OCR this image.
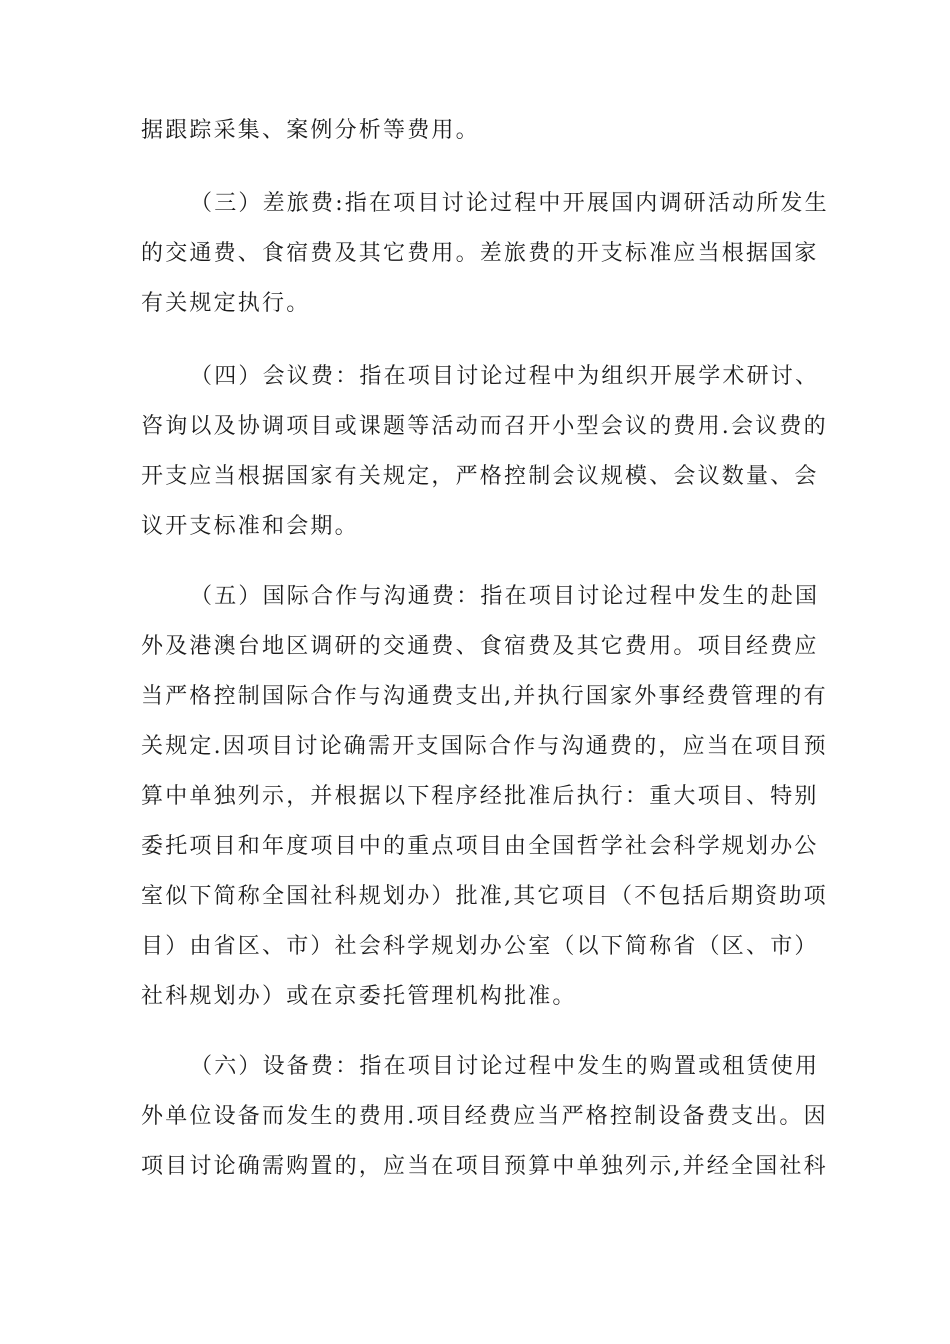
据跟踪采集、案例分析等费用。
（三）差旅费:指在项目讨论过程中开展国内调研活动所发生
的交通费、食宿费及其它费用。差旅费的开支标准应当根据国家
有关规定执行。
（四）会议费：指在项目讨论过程中为组织开展学术研讨、
咨询以及协调项目或课题等活动而召开小型会议的费用.会议费的
开支应当根据国家有关规定，严格控制会议规模、会议数量、会
议开支标准和会期。
（五）国际合作与沟通费：指在项目讨论过程中发生的赴国
外及港澳台地区调研的交通费、食宿费及其它费用。项目经费应
当严格控制国际合作与沟通费支出,并执行国家外事经费管理的有
关规定.因项目讨论确需开支国际合作与沟通费的，应当在项目预
算中单独列示，并根据以下程序经批准后执行：重大项目、特别
委托项目和年度项目中的重点项目由全国哲学社会科学规划办公
室似下简称全国社科规划办）批准,其它项目（不包括后期资助项
目）由省区、市）社会科学规划办公室（以下简称省（区、市）
社科规划办）或在京委托管理机构批准。
（六）设备费：指在项目讨论过程中发生的购置或租赁使用
外单位设备而发生的费用.项目经费应当严格控制设备费支出。因
项目讨论确需购置的，应当在项目预算中单独列示,并经全国社科
